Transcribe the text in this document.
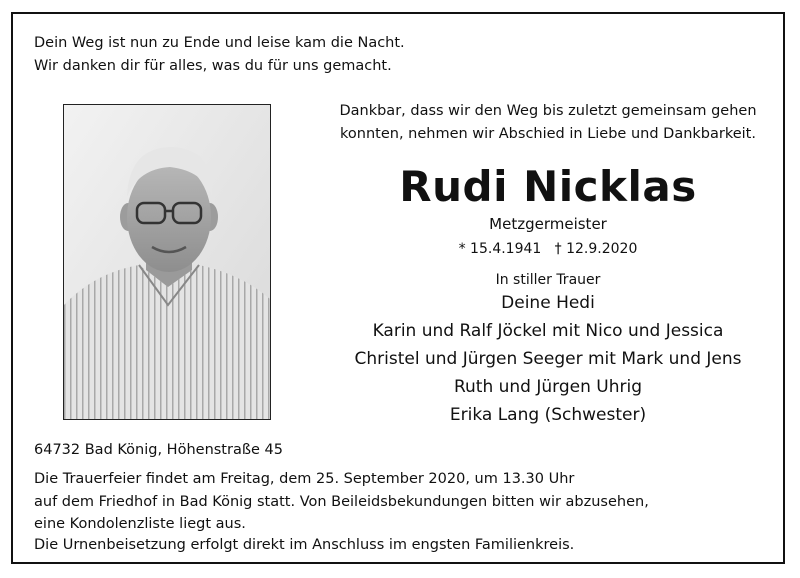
Dein Weg ist nun zu Ende und leise kam die Nacht.
Wir danken dir für alles, was du für uns gemacht.
Dankbar, dass wir den Weg bis zuletzt gemeinsam gehen
konnten, nehmen wir Abschied in Liebe und Dankbarkeit.
Rudi Nicklas
Metzgermeister
* 15.4.1941 † 12.9.2020
In stiller Trauer
Deine Hedi
Karin und Ralf Jöckel mit Nico und Jessica
Christel und Jürgen Seeger mit Mark und Jens
Ruth und Jürgen Uhrig
Erika Lang (Schwester)
64732 Bad König, Höhenstraße 45
Die Trauerfeier findet am Freitag, dem 25. September 2020, um 13.30 Uhr
auf dem Friedhof in Bad König statt. Von Beileidsbekundungen bitten wir abzusehen,
eine Kondolenzliste liegt aus.
Die Urnenbeisetzung erfolgt direkt im Anschluss im engsten Familienkreis.
